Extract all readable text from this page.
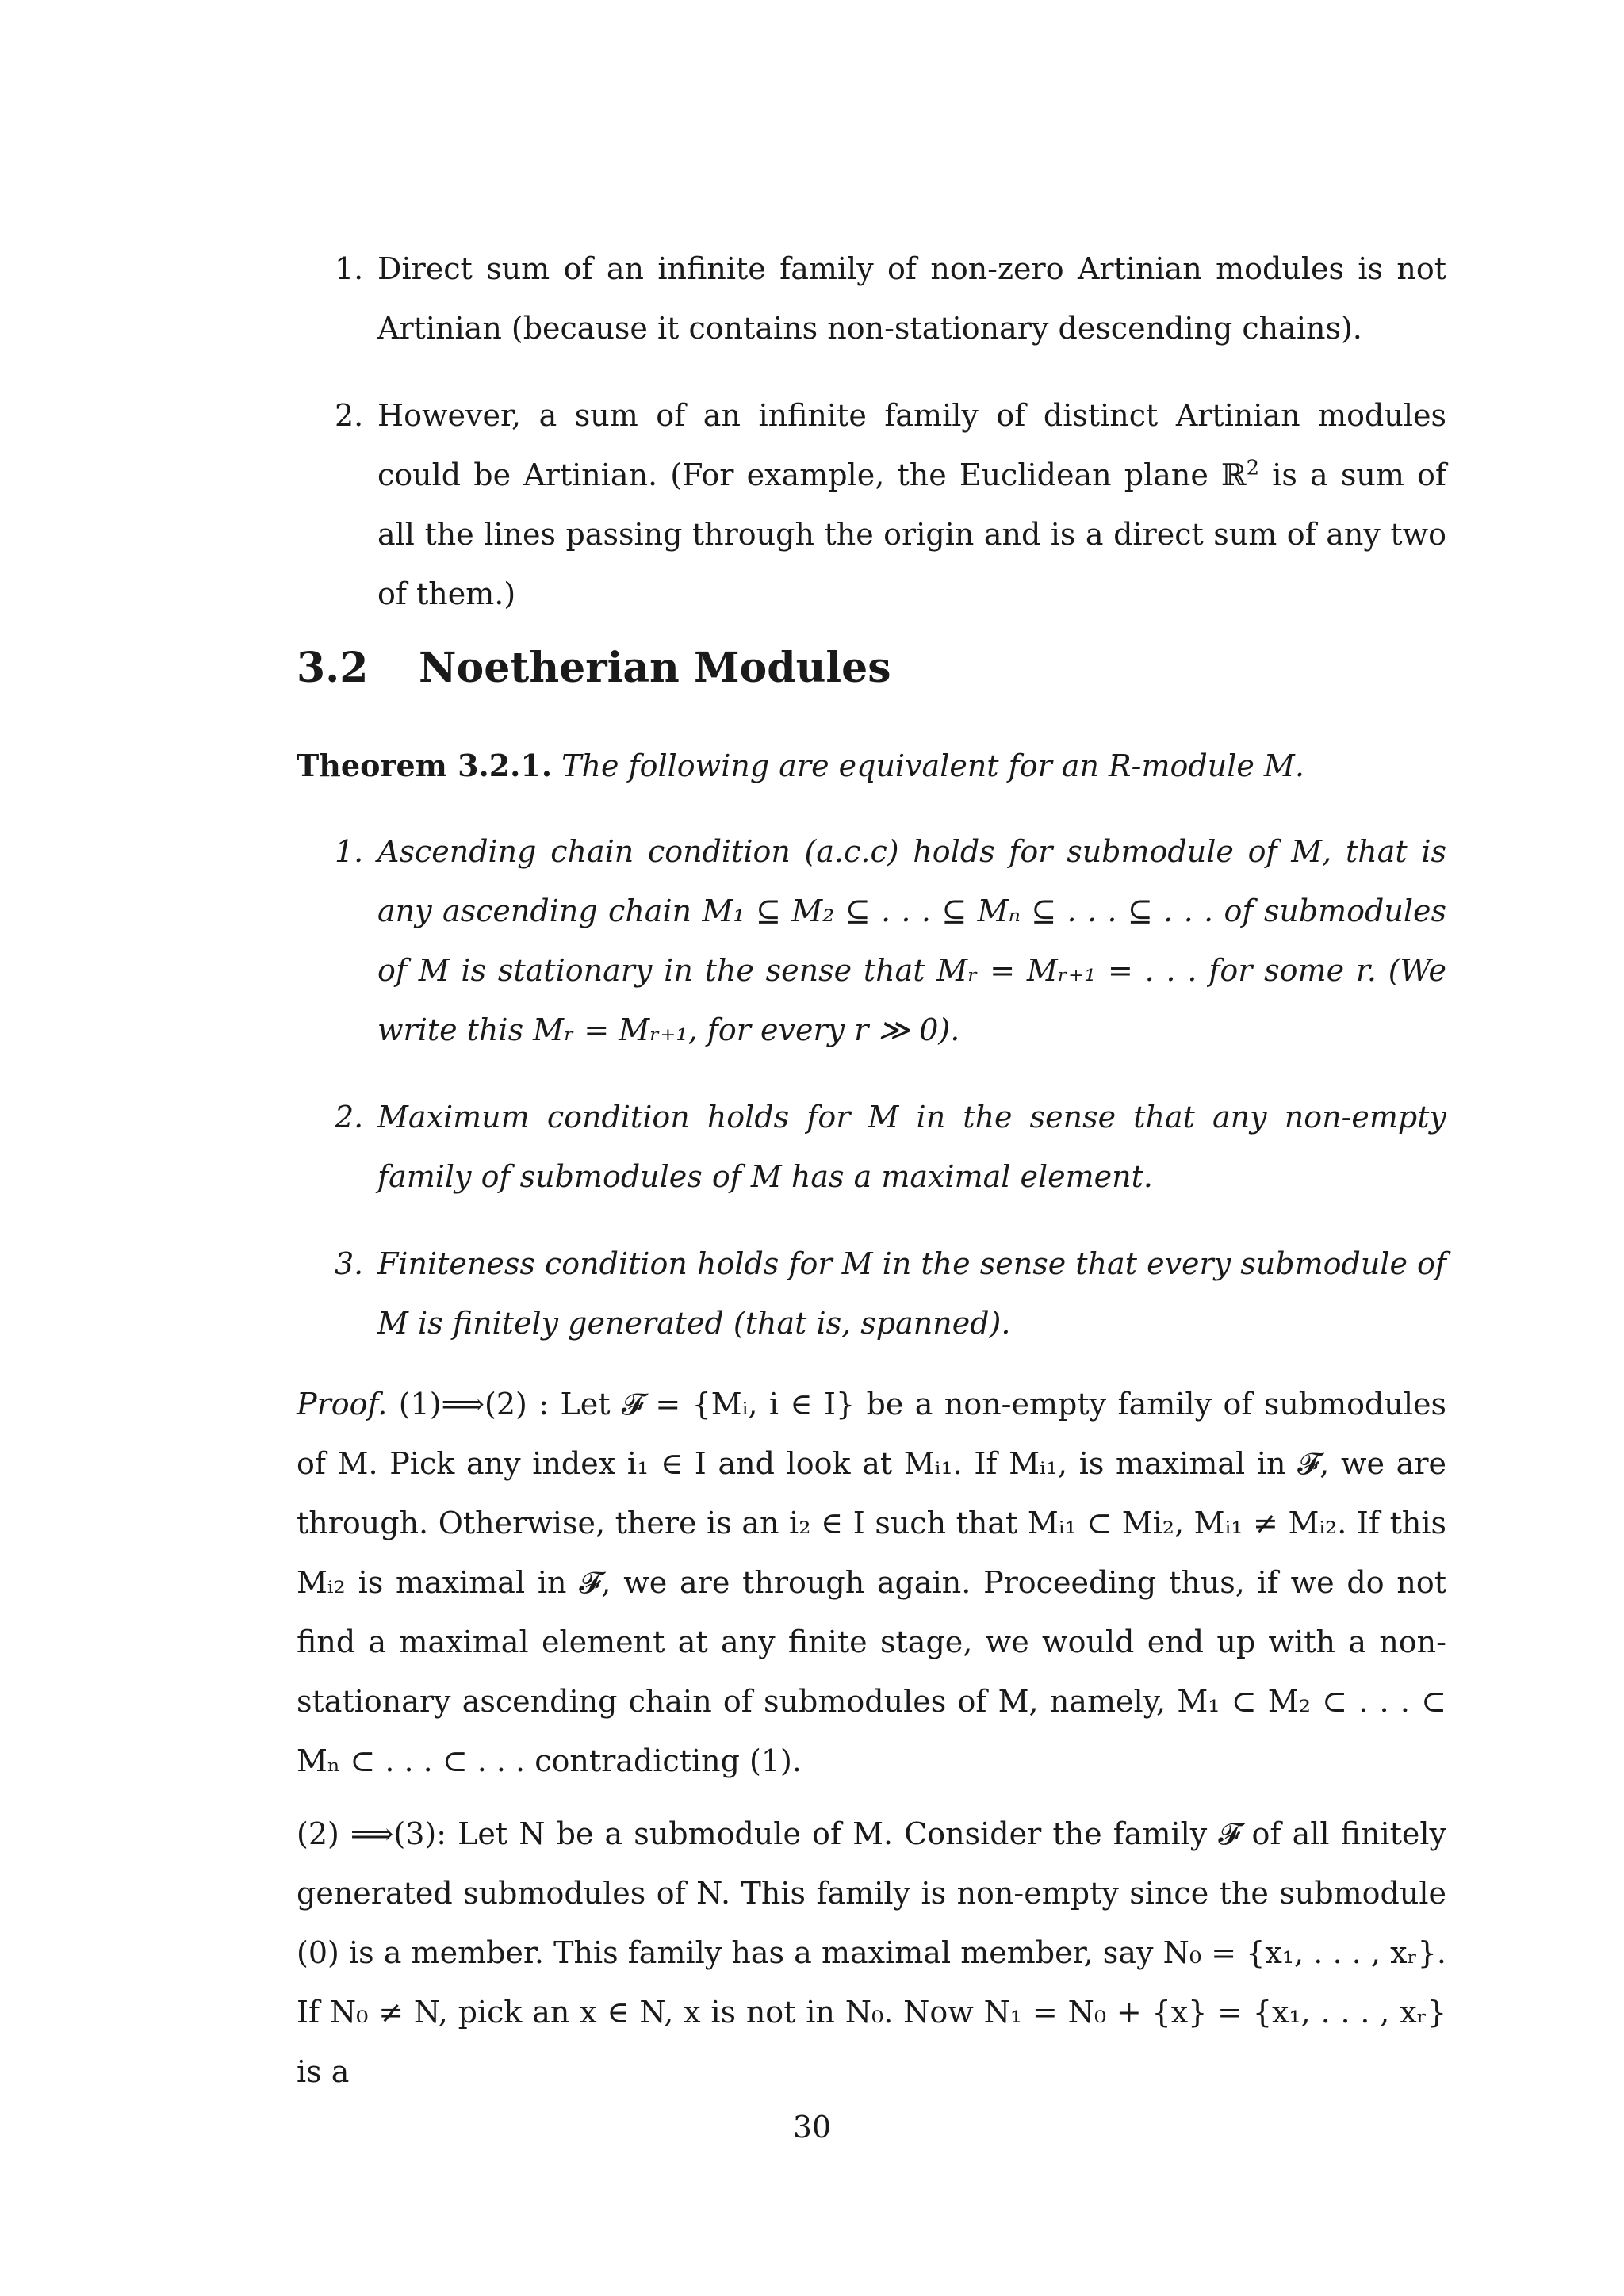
1. Direct sum of an infinite family of non-zero Artinian modules is not Artinian (because it contains non-stationary descending chains).
2. However, a sum of an infinite family of distinct Artinian modules could be Artinian. (For example, the Euclidean plane ℝ$^2$ is a sum of all the lines passing through the origin and is a direct sum of any two of them.)
3.2 Noetherian Modules

Theorem 3.2.1. The following are equivalent for an R-module M.

1. Ascending chain condition (a.c.c) holds for submodule of M, that is any ascending chain M₁ ⊆ M₂ ⊆ . . . ⊆ Mₙ ⊆ . . . ⊆ . . . of submodules of M is stationary in the sense that Mᵣ = Mᵣ₊₁ = . . . for some r. (We write this Mᵣ = Mᵣ₊₁, for every r ≫ 0).
2. Maximum condition holds for M in the sense that any non-empty family of submodules of M has a maximal element.
3. Finiteness condition holds for M in the sense that every submodule of M is finitely generated (that is, spanned).

Proof. (1)⟹(2) : Let 𝓕 = {Mᵢ, i ∈ I} be a non-empty family of submodules of M. Pick any index i₁ ∈ I and look at Mᵢ₁. If Mᵢ₁, is maximal in 𝓕, we are through. Otherwise, there is an i₂ ∈ I such that Mᵢ₁ ⊂ Mi₂, Mᵢ₁ ≠ Mᵢ₂. If this Mᵢ₂ is maximal in 𝓕, we are through again. Proceeding thus, if we do not find a maximal element at any finite stage, we would end up with a non-stationary ascending chain of submodules of M, namely, M₁ ⊂ M₂ ⊂ . . . ⊂ Mₙ ⊂ . . . ⊂ . . . contradicting (1).

(2) ⟹(3): Let N be a submodule of M. Consider the family 𝓕 of all finitely generated submodules of N. This family is non-empty since the submodule (0) is a member. This family has a maximal member, say N₀ = {x₁, . . . , xᵣ}. If N₀ ≠ N, pick an x ∈ N, x is not in N₀. Now N₁ = N₀ + {x} = {x₁, . . . , xᵣ} is a

30
